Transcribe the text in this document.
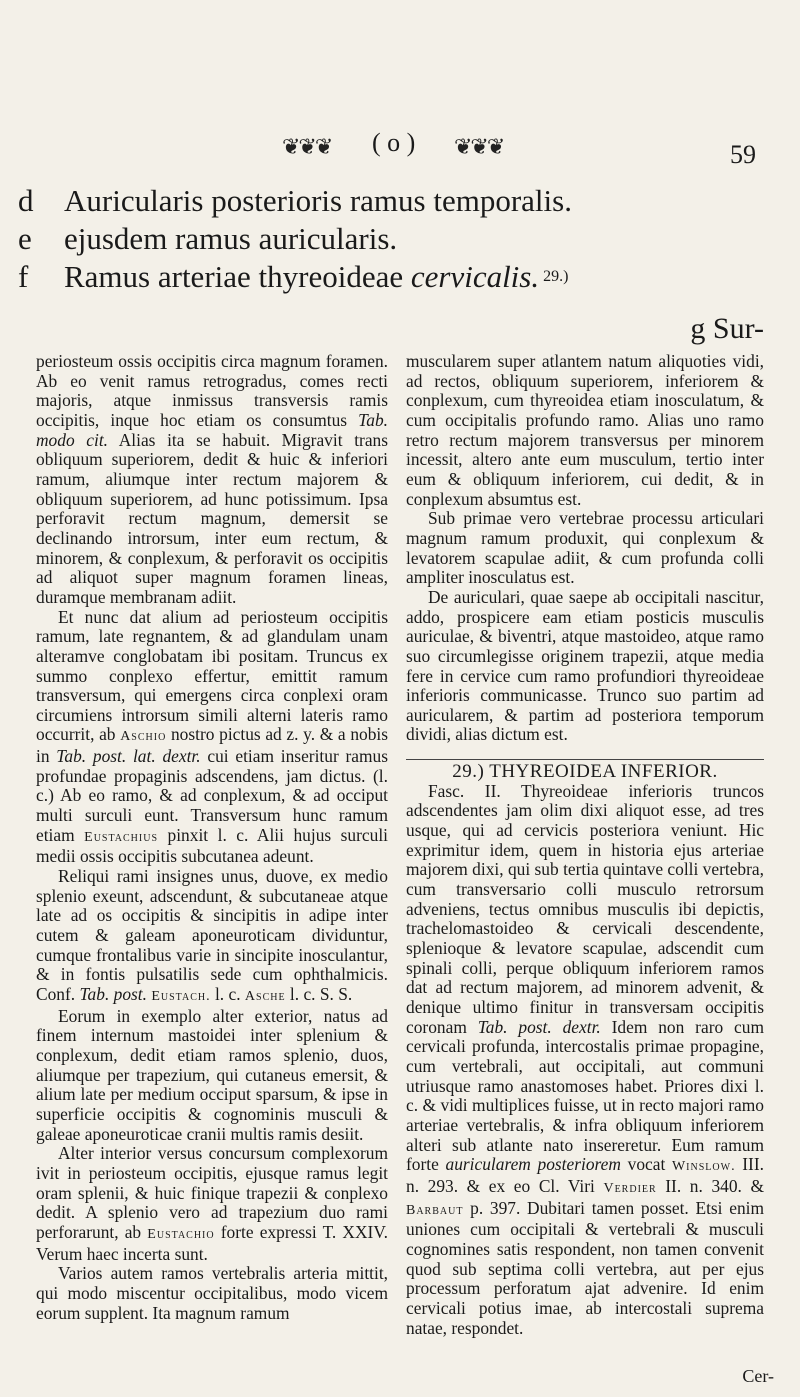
❦❦❦ ( o ) ❦❦❦	59
d Auricularis posterioris ramus temporalis.
e	ejusdem ramus auricularis.
f	Ramus arteriae thyreoideae cervicalis. $^{29.)}$
g Sur-

periosteum ossis occipitis circa magnum foramen. Ab eo venit ramus retrogradus, comes recti majoris, atque inmissus transversis ramis occipitis, inque hoc etiam os consumtus Tab. modo cit. Alias ita se habuit. Migravit trans obliquum superiorem, dedit & huic & inferiori ramum, aliumque inter rectum majorem & obliquum superiorem, ad hunc potissimum. Ipsa perforavit rectum magnum, demersit se declinando introrsum, inter eum rectum, & minorem, & conplexum, & perforavit os occipitis ad aliquot super magnum foramen lineas, duramque membranam adiit.

Et nunc dat alium ad periosteum occipitis ramum, late regnantem, & ad glandulam unam alteramve conglobatam ibi positam. Truncus ex summo conplexo effertur, emittit ramum transversum, qui emergens circa conplexi oram circumiens introrsum simili alterni lateris ramo occurrit, ab Aschio nostro pictus ad z. y. & a nobis in Tab. post. lat. dextr. cui etiam inseritur ramus profundae propaginis adscendens, jam dictus. (l. c.) Ab eo ramo, & ad conplexum, & ad occiput multi surculi eunt. Transversum hunc ramum etiam Eustachius pinxit l. c. Alii hujus surculi medii ossis occipitis subcutanea adeunt.

Reliqui rami insignes unus, duove, ex medio splenio exeunt, adscendunt, & subcutaneae atque late ad os occipitis & sincipitis in adipe inter cutem & galeam aponeuroticam dividuntur, cumque frontalibus varie in sincipite inosculantur, & in fontis pulsatilis sede cum ophthalmicis. Conf. Tab. post. Eustach. l. c. Asche l. c. S. S.

Eorum in exemplo alter exterior, natus ad finem internum mastoidei inter splenium & conplexum, dedit etiam ramos splenio, duos, aliumque per trapezium, qui cutaneus emersit, & alium late per medium occiput sparsum, & ipse in superficie occipitis & cognominis musculi & galeae aponeuroticae cranii multis ramis desiit.

Alter interior versus concursum complexorum ivit in periosteum occipitis, ejusque ramus legit oram splenii, & huic finique trapezii & conplexo dedit. A splenio vero ad trapezium duo rami perforarunt, ab Eustachio forte expressi T. XXIV. Verum haec incerta sunt.

Varios autem ramos vertebralis arteria mittit, qui modo miscentur occipitalibus, modo vicem eorum supplent. Ita magnum ramum

muscularem super atlantem natum aliquoties vidi, ad rectos, obliquum superiorem, inferiorem & conplexum, cum thyreoidea etiam inosculatum, & cum occipitalis profundo ramo. Alias uno ramo retro rectum majorem transversus per minorem incessit, altero ante eum musculum, tertio inter eum & obliquum inferiorem, cui dedit, & in conplexum absumtus est.

Sub primae vero vertebrae processu articulari magnum ramum produxit, qui conplexum & levatorem scapulae adiit, & cum profunda colli ampliter inosculatus est.

De auriculari, quae saepe ab occipitali nascitur, addo, prospicere eam etiam posticis musculis auriculae, & biventri, atque mastoideo, atque ramo suo circumlegisse originem trapezii, atque media fere in cervice cum ramo profundiori thyreoideae inferioris communicasse. Trunco suo partim ad auricularem, & partim ad posteriora temporum dividi, alias dictum est.

29.) THYREOIDEA INFERIOR.

Fasc. II. Thyreoideae inferioris truncos adscendentes jam olim dixi aliquot esse, ad tres usque, qui ad cervicis posteriora veniunt. Hic exprimitur idem, quem in historia ejus arteriae majorem dixi, qui sub tertia quintave colli vertebra, cum transversario colli musculo retrorsum adveniens, tectus omnibus musculis ibi depictis, trachelomastoideo & cervicali descendente, splenioque & levatore scapulae, adscendit cum spinali colli, perque obliquum inferiorem ramos dat ad rectum majorem, ad minorem advenit, & denique ultimo finitur in transversam occipitis coronam Tab. post. dextr. Idem non raro cum cervicali profunda, intercostalis primae propagine, cum vertebrali, aut occipitali, aut communi utriusque ramo anastomoses habet. Priores dixi l. c. & vidi multiplices fuisse, ut in recto majori ramo arteriae vertebralis, & infra obliquum inferiorem alteri sub atlante nato insereretur. Eum ramum forte auricularem posteriorem vocat Winslow. III. n. 293. & ex eo Cl. Viri Verdier II. n. 340. & Barbaut p. 397. Dubitari tamen posset. Etsi enim uniones cum occipitali & vertebrali & musculi cognomines satis respondent, non tamen convenit quod sub septima colli vertebra, aut per ejus processum perforatum ajat advenire. Id enim cervicali potius imae, ab intercostali suprema natae, respondet.

Cer-
